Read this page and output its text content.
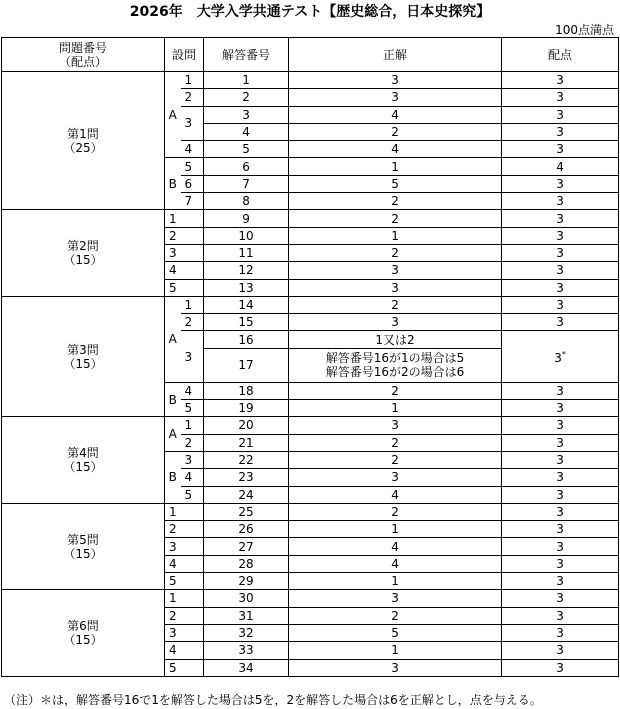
2026年　大学入学共通テスト【歴史総合，日本史探究】
100点満点
問題番号
（配点）	設問		解答番号	正解	配点
第1問
（25）	A	1	1	3	3
		2	2	3	3
		3	3	4	3
			4	2	3
		4	5	4	3
	B	5	6	1	4
		6	7	5	3
		7	8	2	3
第2問
（15）	1		9	2	3
	2		10	1	3
	3		11	2	3
	4		12	3	3
	5		13	3	3
第3問
（15）	A	1	14	2	3
		2	15	3	3
		3	16	1又は2	3*
			17	解答番号16が1の場合は5
解答番号16が2の場合は6	
	B	4	18	2	3
		5	19	1	3
第4問
（15）	A	1	20	3	3
		2	21	2	3
	B	3	22	2	3
		4	23	3	3
		5	24	4	3
第5問
（15）	1		25	2	3
	2		26	1	3
	3		27	4	3
	4		28	4	3
	5		29	1	3
第6問
（15）	1		30	3	3
	2		31	2	3
	3		32	5	3
	4		33	1	3
	5		34	3	3
（注）＊は，解答番号16で1を解答した場合は5を，2を解答した場合は6を正解とし，点を与える。
